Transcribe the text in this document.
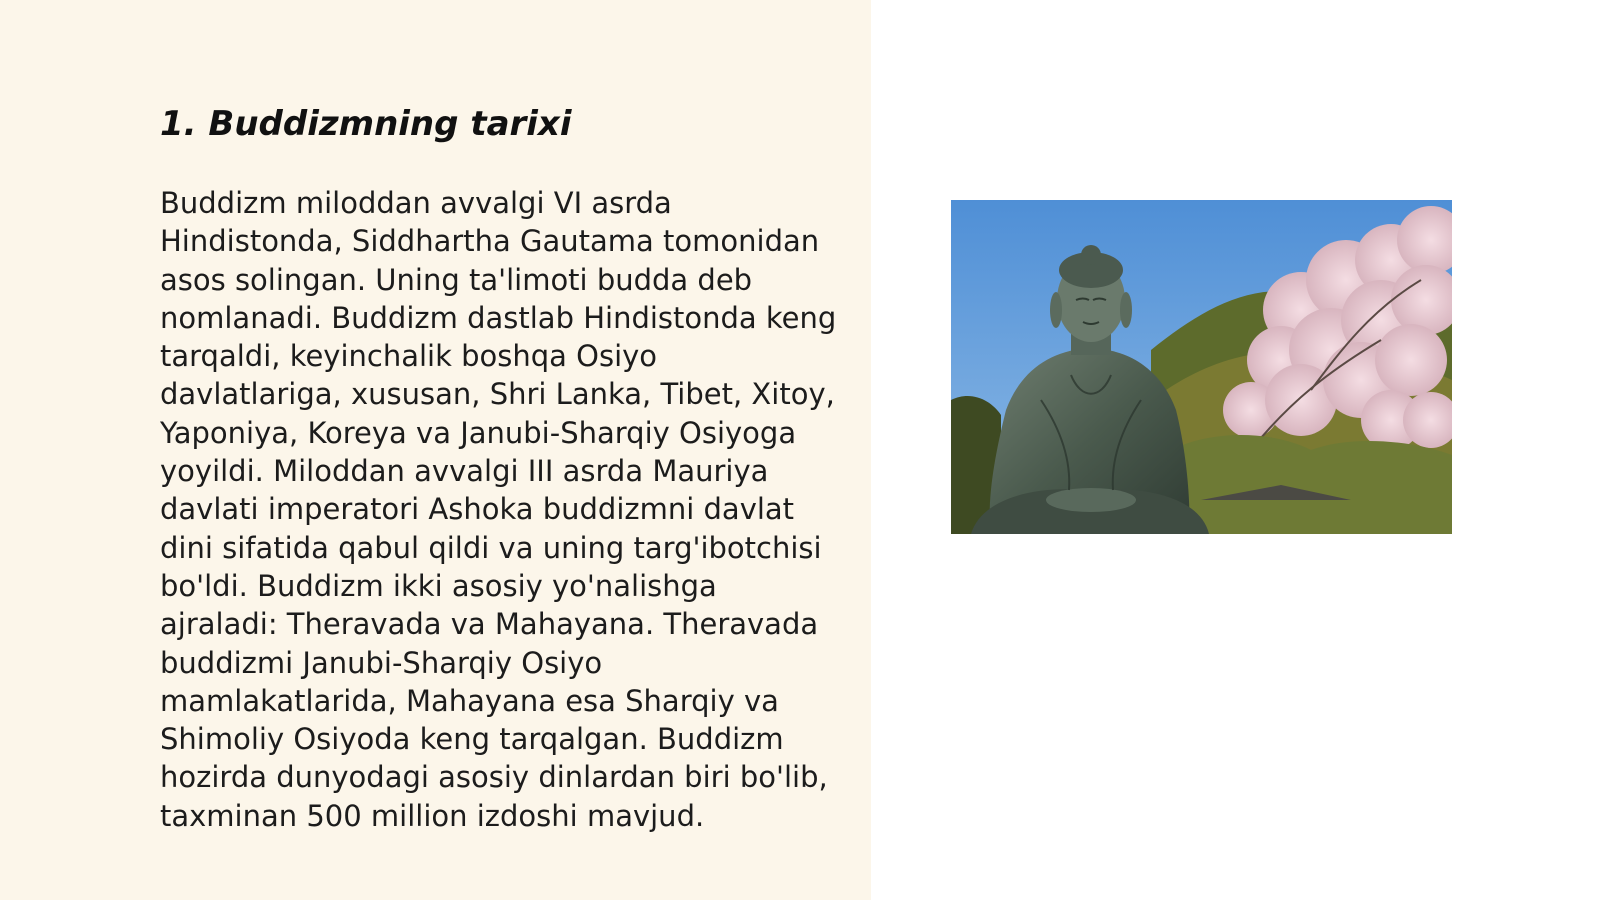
1. Buddizmning tarixi

Buddizm miloddan avvalgi VI asrda Hindistonda, Siddhartha Gautama tomonidan asos solingan. Uning ta'limoti budda deb nomlanadi. Buddizm dastlab Hindistonda keng tarqaldi, keyinchalik boshqa Osiyo davlatlariga, xususan, Shri Lanka, Tibet, Xitoy, Yaponiya, Koreya va Janubi-Sharqiy Osiyoga yoyildi. Miloddan avvalgi III asrda Mauriya davlati imperatori Ashoka buddizmni davlat dini sifatida qabul qildi va uning targ'ibotchisi bo'ldi. Buddizm ikki asosiy yo'nalishga ajraladi: Theravada va Mahayana. Theravada buddizmi Janubi-Sharqiy Osiyo mamlakatlarida, Mahayana esa Sharqiy va Shimoliy Osiyoda keng tarqalgan. Buddizm hozirda dunyodagi asosiy dinlardan biri bo'lib, taxminan 500 million izdoshi mavjud.
